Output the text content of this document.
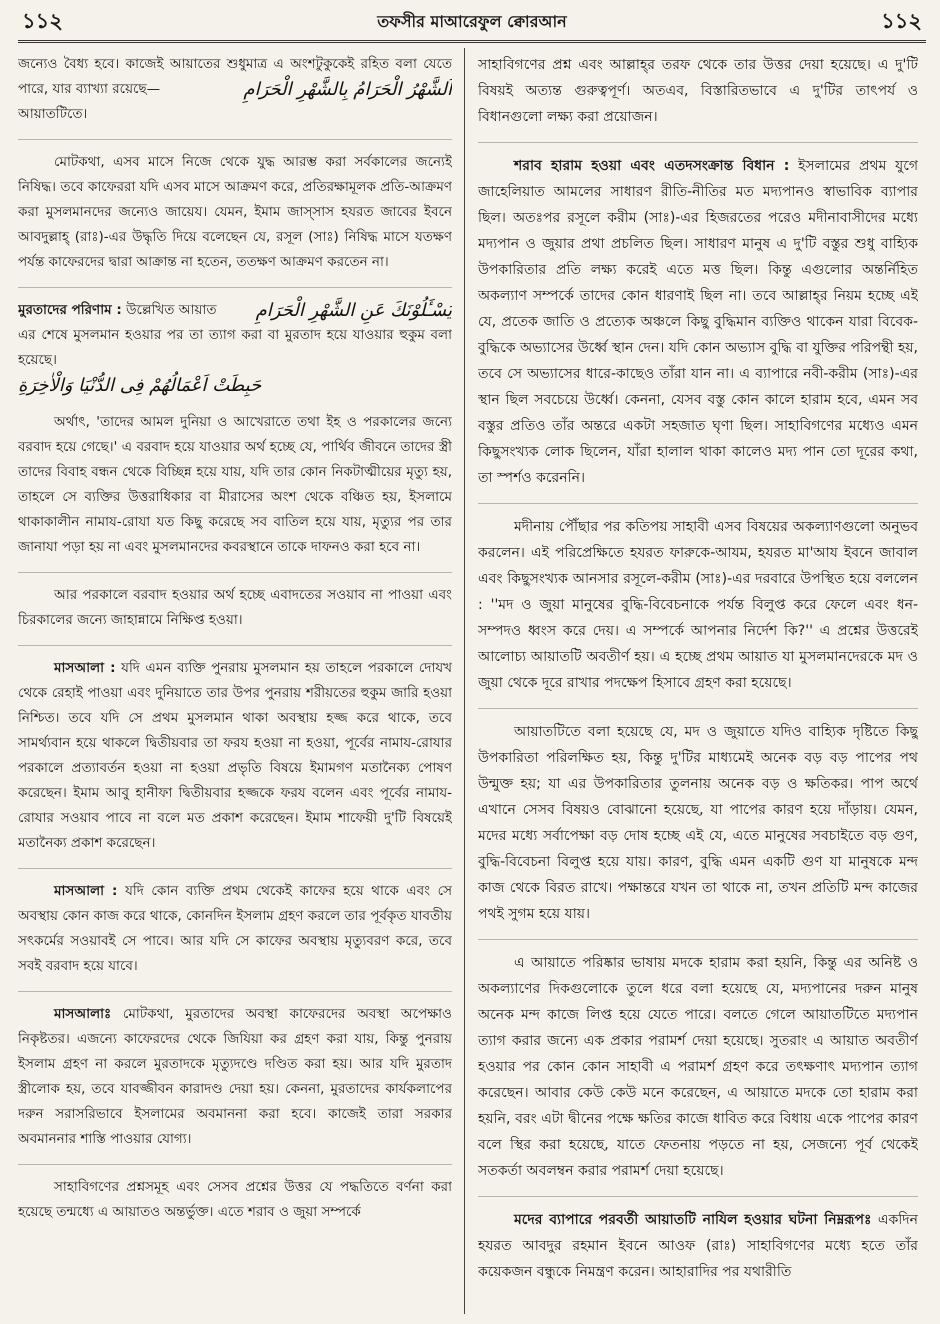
১১২	তফসীর মাআরেফুল ক্বোরআন	১১২

জন্যেও বৈধ্য হবে। কাজেই আয়াতের শুধুমাত্র এ অংশটুকুকেই রহিত বলা যেতে পারে, যার ব্যাখ্যা রয়েছে—	اَلشَّهْرُ الْحَرَامُ بِالشَّهْرِ الْحَرَامِ

আয়াতটিতে।

মোটকথা, এসব মাসে নিজে থেকে যুদ্ধ আরম্ভ করা সর্বকালের জন্যেই নিষিদ্ধ। তবে কাফেররা যদি এসব মাসে আক্রমণ করে, প্রতিরক্ষামূলক প্রতি-আক্রমণ করা মুসলমানদের জন্যেও জায়েয। যেমন, ইমাম জাস্সাস হযরত জাবের ইবনে আবদুল্লাহ্ (রাঃ)-এর উদ্ধৃতি দিয়ে বলেছেন যে, রসূল (সাঃ) নিষিদ্ধ মাসে যতক্ষণ পর্যন্ত কাফেরদের দ্বারা আক্রান্ত না হতেন, ততক্ষণ আক্রমণ করতেন না।

মুরতাদের পরিণাম : উল্লেখিত আয়াত يَسْـَٔلُوْنَكَ عَنِ الشَّهْرِ الْحَرَامِ
এর শেষে মুসলমান হওয়ার পর তা ত্যাগ করা বা মুরতাদ হয়ে যাওয়ার হুকুম বলা হয়েছে।
حَبِطَتْ اَعْمَالُهُمْ فِى الدُّنْيَا وَالْاٰخِرَةِ

অর্থাৎ, 'তাদের আমল দুনিয়া ও আখেরাতে তথা ইহ ও পরকালের জন্যে বরবাদ হয়ে গেছে।' এ বরবাদ হয়ে যাওয়ার অর্থ হচ্ছে যে, পার্থিব জীবনে তাদের স্ত্রী তাদের বিবাহ বন্ধন থেকে বিচ্ছিন্ন হয়ে যায়, যদি তার কোন নিকটাত্মীয়ের মৃত্যু হয়, তাহলে সে ব্যক্তির উত্তরাধিকার বা মীরাসের অংশ থেকে বঞ্চিত হয়, ইসলামে থাকাকালীন নামায-রোযা যত কিছু করেছে সব বাতিল হয়ে যায়, মৃত্যুর পর তার জানাযা পড়া হয় না এবং মুসলমানদের কবরস্থানে তাকে দাফনও করা হবে না।

আর পরকালে বরবাদ হওয়ার অর্থ হচ্ছে এবাদতের সওয়াব না পাওয়া এবং চিরকালের জন্যে জাহান্নামে নিক্ষিপ্ত হওয়া।

মাসআলা : যদি এমন ব্যক্তি পুনরায় মুসলমান হয় তাহলে পরকালে দোযখ থেকে রেহাই পাওয়া এবং দুনিয়াতে তার উপর পুনরায় শরীয়তের হুকুম জারি হওয়া নিশ্চিত। তবে যদি সে প্রথম মুসলমান থাকা অবস্থায় হজ্জ করে থাকে, তবে সামর্থ্যবান হয়ে থাকলে দ্বিতীয়বার তা ফরয হওয়া না হওয়া, পূর্বের নামায-রোযার পরকালে প্রত্যাবর্তন হওয়া না হওয়া প্রভৃতি বিষয়ে ইমামগণ মতানৈক্য পোষণ করেছেন। ইমাম আবু হানীফা দ্বিতীয়বার হজ্জকে ফরয বলেন এবং পূর্বের নামায-রোযার সওয়াব পাবে না বলে মত প্রকাশ করেছেন। ইমাম শাফেয়ী দু'টি বিষয়েই মতানৈক্য প্রকাশ করেছেন।

মাসআলা : যদি কোন ব্যক্তি প্রথম থেকেই কাফের হয়ে থাকে এবং সে অবস্থায় কোন কাজ করে থাকে, কোনদিন ইসলাম গ্রহণ করলে তার পূর্বকৃত যাবতীয় সৎকর্মের সওয়াবই সে পাবে। আর যদি সে কাফের অবস্থায় মৃত্যুবরণ করে, তবে সবই বরবাদ হয়ে যাবে।

মাসআলাঃ মোটকথা, মুরতাদের অবস্থা কাফেরদের অবস্থা অপেক্ষাও নিকৃষ্টতর। এজন্যে কাফেরদের থেকে জিযিয়া কর গ্রহণ করা যায়, কিন্তু পুনরায় ইসলাম গ্রহণ না করলে মুরতাদকে মৃত্যুদণ্ডে দণ্ডিত করা হয়। আর যদি মুরতাদ স্ত্রীলোক হয়, তবে যাবজ্জীবন কারাদণ্ড দেয়া হয়। কেননা, মুরতাদের কার্যকলাপের দরুন সরাসরিভাবে ইসলামের অবমাননা করা হবে। কাজেই তারা সরকার অবমাননার শাস্তি পাওয়ার যোগ্য।

সাহাবিগণের প্রশ্নসমূহ এবং সেসব প্রশ্নের উত্তর যে পদ্ধতিতে বর্ণনা করা হয়েছে তন্মধ্যে এ আয়াতও অন্তর্ভুক্ত। এতে শরাব ও জুয়া সম্পর্কে

সাহাবিগণের প্রশ্ন এবং আল্লাহ্‌র তরফ থেকে তার উত্তর দেয়া হয়েছে। এ দু'টি বিষয়ই অত্যন্ত গুরুত্বপূর্ণ। অতএব, বিস্তারিতভাবে এ দু'টির তাৎপর্য ও বিধানগুলো লক্ষ্য করা প্রয়োজন।

শরাব হারাম হওয়া এবং এতদসংক্রান্ত বিধান : ইসলামের প্রথম যুগে জাহেলিয়াত আমলের সাধারণ রীতি-নীতির মত মদ্যপানও স্বাভাবিক ব্যাপার ছিল। অতঃপর রসূলে করীম (সাঃ)-এর হিজরতের পরেও মদীনাবাসীদের মধ্যে মদ্যপান ও জুয়ার প্রথা প্রচলিত ছিল। সাধারণ মানুষ এ দু'টি বস্তুর শুধু বাহ্যিক উপকারিতার প্রতি লক্ষ্য করেই এতে মত্ত ছিল। কিন্তু এগুলোর অন্তর্নিহিত অকল্যাণ সম্পর্কে তাদের কোন ধারণাই ছিল না। তবে আল্লাহ্‌র নিয়ম হচ্ছে এই যে, প্রতেক জাতি ও প্রত্যেক অঞ্চলে কিছু বুদ্ধিমান ব্যক্তিও থাকেন যারা বিবেক-বুদ্ধিকে অভ্যাসের উর্ধ্বে স্থান দেন। যদি কোন অভ্যাস বুদ্ধি বা যুক্তির পরিপন্থী হয়, তবে সে অভ্যাসের ধারে-কাছেও তাঁরা যান না। এ ব্যাপারে নবী-করীম (সাঃ)-এর স্থান ছিল সবচেয়ে উর্ধ্বে। কেননা, যেসব বস্তু কোন কালে হারাম হবে, এমন সব বস্তুর প্রতিও তাঁর অন্তরে একটা সহজাত ঘৃণা ছিল। সাহাবিগণের মধ্যেও এমন কিছুসংখ্যক লোক ছিলেন, যাঁরা হালাল থাকা কালেও মদ্য পান তো দূরের কথা, তা স্পর্শও করেননি।

মদীনায় পৌঁছার পর কতিপয় সাহাবী এসব বিষয়ের অকল্যাণগুলো অনুভব করলেন। এই পরিপ্রেক্ষিতে হযরত ফারুকে-আযম, হযরত মা'আয ইবনে জাবাল এবং কিছুসংখ্যক আনসার রসূলে-করীম (সাঃ)-এর দরবারে উপস্থিত হয়ে বললেন : ''মদ ও জুয়া মানুষের বুদ্ধি-বিবেচনাকে পর্যন্ত বিলুপ্ত করে ফেলে এবং ধন-সম্পদও ধ্বংস করে দেয়। এ সম্পর্কে আপনার নির্দেশ কি?'' এ প্রশ্নের উত্তরেই আলোচ্য আয়াতটি অবতীর্ণ হয়। এ হচ্ছে প্রথম আয়াত যা মুসলমানদেরকে মদ ও জুয়া থেকে দূরে রাখার পদক্ষেপ হিসাবে গ্রহণ করা হয়েছে।

আয়াতটিতে বলা হয়েছে যে, মদ ও জুয়াতে যদিও বাহ্যিক দৃষ্টিতে কিছু উপকারিতা পরিলক্ষিত হয়, কিন্তু দু'টির মাধ্যমেই অনেক বড় বড় পাপের পথ উন্মুক্ত হয়; যা এর উপকারিতার তুলনায় অনেক বড় ও ক্ষতিকর। পাপ অর্থে এখানে সেসব বিষয়ও বোঝানো হয়েছে, যা পাপের কারণ হয়ে দাঁড়ায়। যেমন, মদের মধ্যে সর্বাপেক্ষা বড় দোষ হচ্ছে এই যে, এতে মানুষের সবচাইতে বড় গুণ, বুদ্ধি-বিবেচনা বিলুপ্ত হয়ে যায়। কারণ, বুদ্ধি এমন একটি গুণ যা মানুষকে মন্দ কাজ থেকে বিরত রাখে। পক্ষান্তরে যখন তা থাকে না, তখন প্রতিটি মন্দ কাজের পথই সুগম হয়ে যায়।

এ আয়াতে পরিষ্কার ভাষায় মদকে হারাম করা হয়নি, কিন্তু এর অনিষ্ট ও অকল্যাণের দিকগুলোকে তুলে ধরে বলা হয়েছে যে, মদ্যপানের দরুন মানুষ অনেক মন্দ কাজে লিপ্ত হয়ে যেতে পারে। বলতে গেলে আয়াতটিতে মদ্যপান ত্যাগ করার জন্যে এক প্রকার পরামর্শ দেয়া হয়েছে। সুতরাং এ আয়াত অবতীর্ণ হওয়ার পর কোন কোন সাহাবী এ পরামর্শ গ্রহণ করে তৎক্ষণাৎ মদ্যপান ত্যাগ করেছেন। আবার কেউ কেউ মনে করেছেন, এ আয়াতে মদকে তো হারাম করা হয়নি, বরং এটা দ্বীনের পক্ষে ক্ষতির কাজে ধাবিত করে বিধায় একে পাপের কারণ বলে স্থির করা হয়েছে, যাতে ফেতনায় পড়তে না হয়, সেজন্যে পূর্ব থেকেই সতকর্তা অবলম্বন করার পরামর্শ দেয়া হয়েছে।

মদের ব্যাপারে পরবর্তী আয়াতটি নাযিল হওয়ার ঘটনা নিম্নরূপঃ একদিন হযরত আবদুর রহমান ইবনে আওফ (রাঃ) সাহাবিগণের মধ্যে হতে তাঁর কয়েকজন বন্ধুকে নিমন্ত্রণ করেন। আহারাদির পর যথারীতি
